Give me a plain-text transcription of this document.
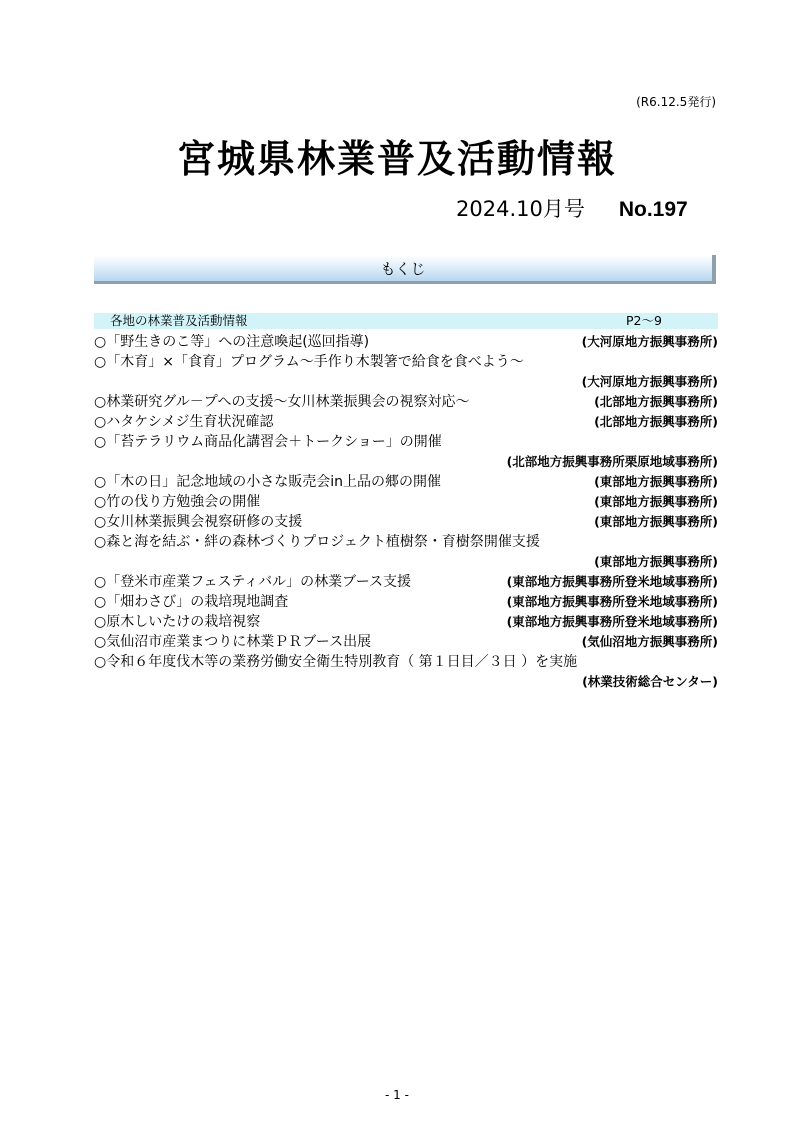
(R6.12.5発行)
宮城県林業普及活動情報
2024.10月号 No.197
もくじ
各地の林業普及活動情報	P2～9
○「野生きのこ等」への注意喚起(巡回指導)	(大河原地方振興事務所)
○「木育」×「食育」プログラム～手作り木製箸で給食を食べよう～
(大河原地方振興事務所)
○林業研究グル－プへの支援～女川林業振興会の視察対応～	(北部地方振興事務所)
○ハタケシメジ生育状況確認	(北部地方振興事務所)
○「苔テラリウム商品化講習会＋トークショー」の開催
(北部地方振興事務所栗原地域事務所)
○「木の日」記念地域の小さな販売会in上品の郷の開催	(東部地方振興事務所)
○竹の伐り方勉強会の開催	(東部地方振興事務所)
○女川林業振興会視察研修の支援	(東部地方振興事務所)
○森と海を結ぶ・絆の森林づくりプロジェクト植樹祭・育樹祭開催支援
(東部地方振興事務所)
○「登米市産業フェスティバル」の林業ブース支援	(東部地方振興事務所登米地域事務所)
○「畑わさび」の栽培現地調査	(東部地方振興事務所登米地域事務所)
○原木しいたけの栽培視察	(東部地方振興事務所登米地域事務所)
○気仙沼市産業まつりに林業ＰＲブース出展	(気仙沼地方振興事務所)
○令和６年度伐木等の業務労働安全衛生特別教育（ 第１日目／３日 ）を実施
(林業技術総合センター)
- 1 -
